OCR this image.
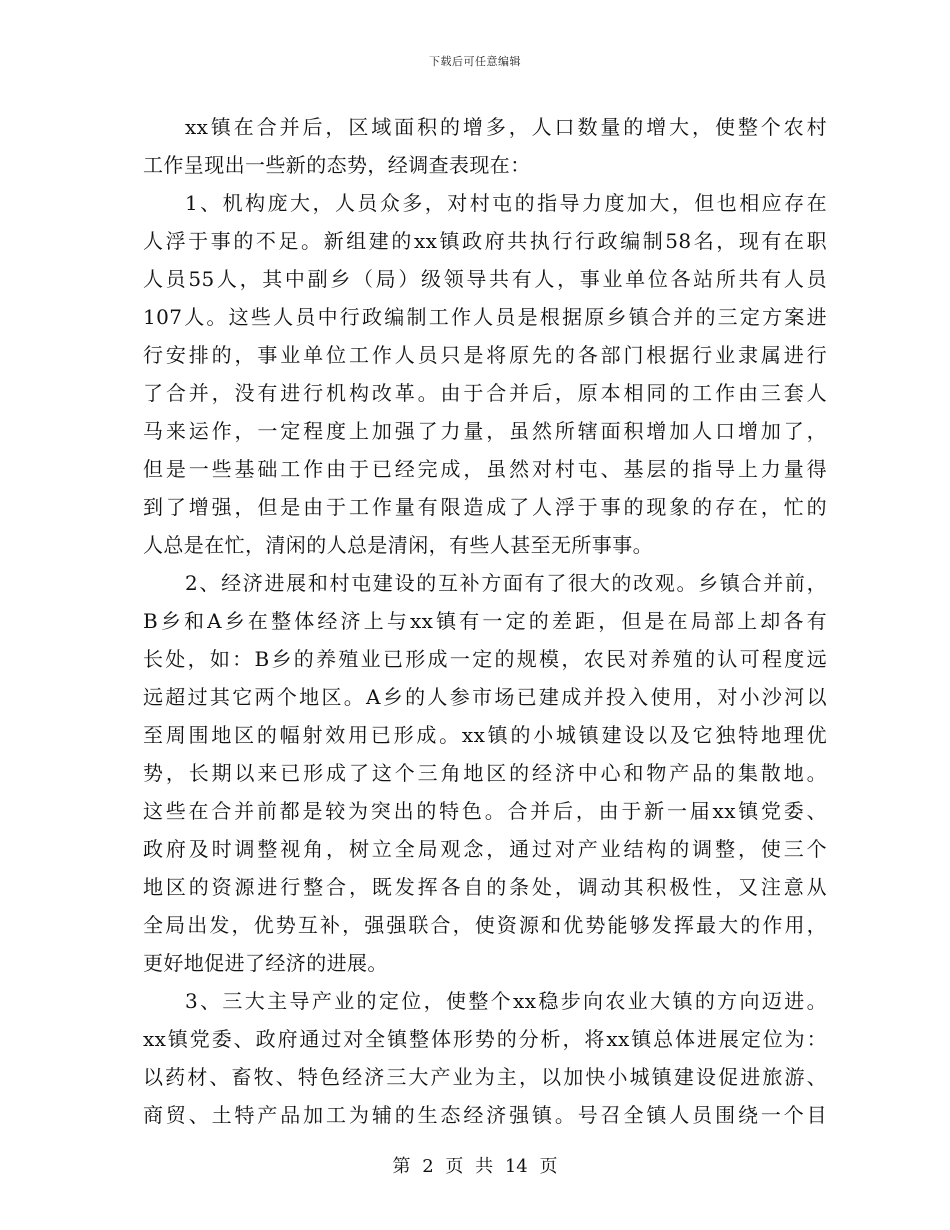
下载后可任意编辑
xx镇在合并后，区域面积的增多，人口数量的增大，使整个农村
工作呈现出一些新的态势，经调查表现在：
1、机构庞大，人员众多，对村屯的指导力度加大，但也相应存在
人浮于事的不足。新组建的xx镇政府共执行行政编制58名，现有在职
人员55人，其中副乡（局）级领导共有人，事业单位各站所共有人员
107人。这些人员中行政编制工作人员是根据原乡镇合并的三定方案进
行安排的，事业单位工作人员只是将原先的各部门根据行业隶属进行
了合并，没有进行机构改革。由于合并后，原本相同的工作由三套人
马来运作，一定程度上加强了力量，虽然所辖面积增加人口增加了，
但是一些基础工作由于已经完成，虽然对村屯、基层的指导上力量得
到了增强，但是由于工作量有限造成了人浮于事的现象的存在，忙的
人总是在忙，清闲的人总是清闲，有些人甚至无所事事。
2、经济进展和村屯建设的互补方面有了很大的改观。乡镇合并前，
B乡和A乡在整体经济上与xx镇有一定的差距，但是在局部上却各有
长处，如：B乡的养殖业已形成一定的规模，农民对养殖的认可程度远
远超过其它两个地区。A乡的人参市场已建成并投入使用，对小沙河以
至周围地区的幅射效用已形成。xx镇的小城镇建设以及它独特地理优
势，长期以来已形成了这个三角地区的经济中心和物产品的集散地。
这些在合并前都是较为突出的特色。合并后，由于新一届xx镇党委、
政府及时调整视角，树立全局观念，通过对产业结构的调整，使三个
地区的资源进行整合，既发挥各自的条处，调动其积极性，又注意从
全局出发，优势互补，强强联合，使资源和优势能够发挥最大的作用，
更好地促进了经济的进展。
3、三大主导产业的定位，使整个xx稳步向农业大镇的方向迈进。
xx镇党委、政府通过对全镇整体形势的分析，将xx镇总体进展定位为：
以药材、畜牧、特色经济三大产业为主，以加快小城镇建设促进旅游、
商贸、土特产品加工为辅的生态经济强镇。号召全镇人员围绕一个目
第 2 页 共 14 页
